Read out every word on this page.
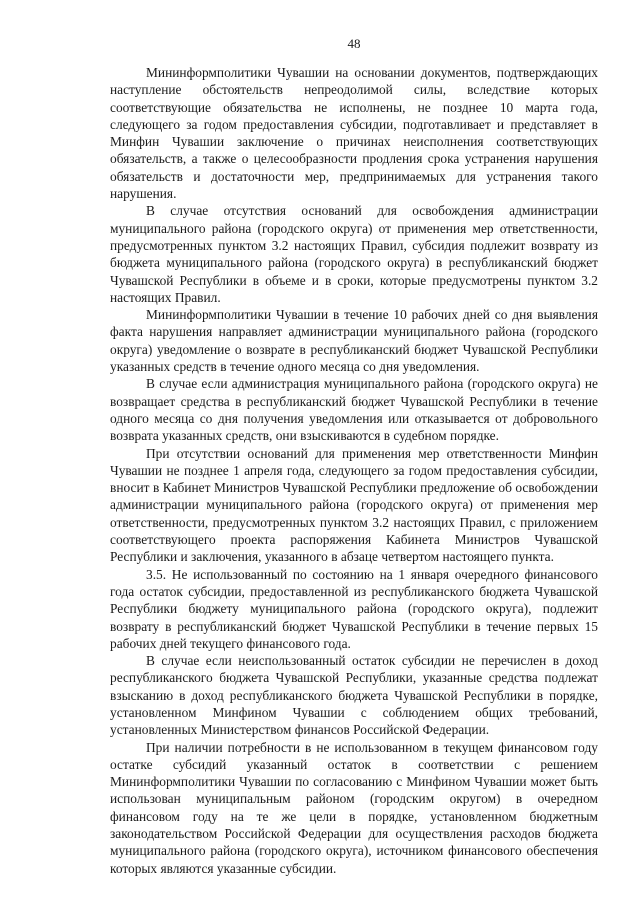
48

Мининформполитики Чувашии на основании документов, подтверждающих наступление обстоятельств непреодолимой силы, вследствие которых соответствующие обязательства не исполнены, не позднее 10 марта года, следующего за годом предоставления субсидии, подготавливает и представляет в Минфин Чувашии заключение о причинах неисполнения соответствующих обязательств, а также о целесообразности продления срока устранения нарушения обязательств и достаточности мер, предпринимаемых для устранения такого нарушения.

В случае отсутствия оснований для освобождения администрации муниципального района (городского округа) от применения мер ответственности, предусмотренных пунктом 3.2 настоящих Правил, субсидия подлежит возврату из бюджета муниципального района (городского округа) в республиканский бюджет Чувашской Республики в объеме и в сроки, которые предусмотрены пунктом 3.2 настоящих Правил.

Мининформполитики Чувашии в течение 10 рабочих дней со дня выявления факта нарушения направляет администрации муниципального района (городского округа) уведомление о возврате в республиканский бюджет Чувашской Республики указанных средств в течение одного месяца со дня уведомления.

В случае если администрация муниципального района (городского округа) не возвращает средства в республиканский бюджет Чувашской Республики в течение одного месяца со дня получения уведомления или отказывается от добровольного возврата указанных средств, они взыскиваются в судебном порядке.

При отсутствии оснований для применения мер ответственности Минфин Чувашии не позднее 1 апреля года, следующего за годом предоставления субсидии, вносит в Кабинет Министров Чувашской Республики предложение об освобождении администрации муниципального района (городского округа) от применения мер ответственности, предусмотренных пунктом 3.2 настоящих Правил, с приложением соответствующего проекта распоряжения Кабинета Министров Чувашской Республики и заключения, указанного в абзаце четвертом настоящего пункта.

3.5. Не использованный по состоянию на 1 января очередного финансового года остаток субсидии, предоставленной из республиканского бюджета Чувашской Республики бюджету муниципального района (городского округа), подлежит возврату в республиканский бюджет Чувашской Республики в течение первых 15 рабочих дней текущего финансового года.

В случае если неиспользованный остаток субсидии не перечислен в доход республиканского бюджета Чувашской Республики, указанные средства подлежат взысканию в доход республиканского бюджета Чувашской Республики в порядке, установленном Минфином Чувашии с соблюдением общих требований, установленных Министерством финансов Российской Федерации.

При наличии потребности в не использованном в текущем финансовом году остатке субсидий указанный остаток в соответствии с решением Мининформполитики Чувашии по согласованию с Минфином Чувашии может быть использован муниципальным районом (городским округом) в очередном финансовом году на те же цели в порядке, установленном бюджетным законодательством Российской Федерации для осуществления расходов бюджета муниципального района (городского округа), источником финансового обеспечения которых являются указанные субсидии.
